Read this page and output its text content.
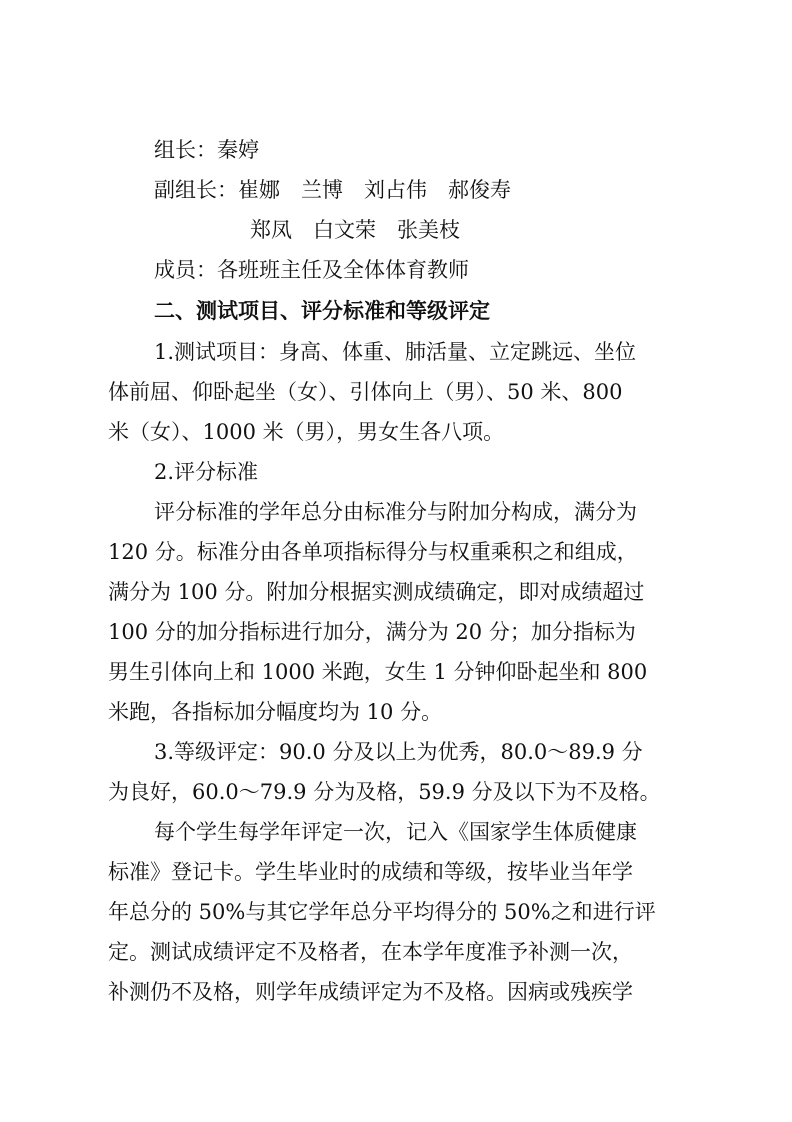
组长：秦婷

副组长：崔娜　兰博　刘占伟　郝俊寿

郑凤　白文荣　张美枝

成员：各班班主任及全体体育教师

二、测试项目、评分标准和等级评定

1.测试项目：身高、体重、肺活量、立定跳远、坐位

体前屈、仰卧起坐（女）、引体向上（男）、50 米、800

米（女）、1000 米（男），男女生各八项。

2.评分标准

评分标准的学年总分由标准分与附加分构成，满分为

120 分。标准分由各单项指标得分与权重乘积之和组成，

满分为 100 分。附加分根据实测成绩确定，即对成绩超过

100 分的加分指标进行加分，满分为 20 分；加分指标为

男生引体向上和 1000 米跑，女生 1 分钟仰卧起坐和 800

米跑，各指标加分幅度均为 10 分。

3.等级评定：90.0 分及以上为优秀，80.0～89.9 分

为良好，60.0～79.9 分为及格，59.9 分及以下为不及格。

每个学生每学年评定一次，记入《国家学生体质健康

标准》登记卡。学生毕业时的成绩和等级，按毕业当年学

年总分的 50%与其它学年总分平均得分的 50%之和进行评

定。测试成绩评定不及格者，在本学年度准予补测一次，

补测仍不及格，则学年成绩评定为不及格。因病或残疾学
